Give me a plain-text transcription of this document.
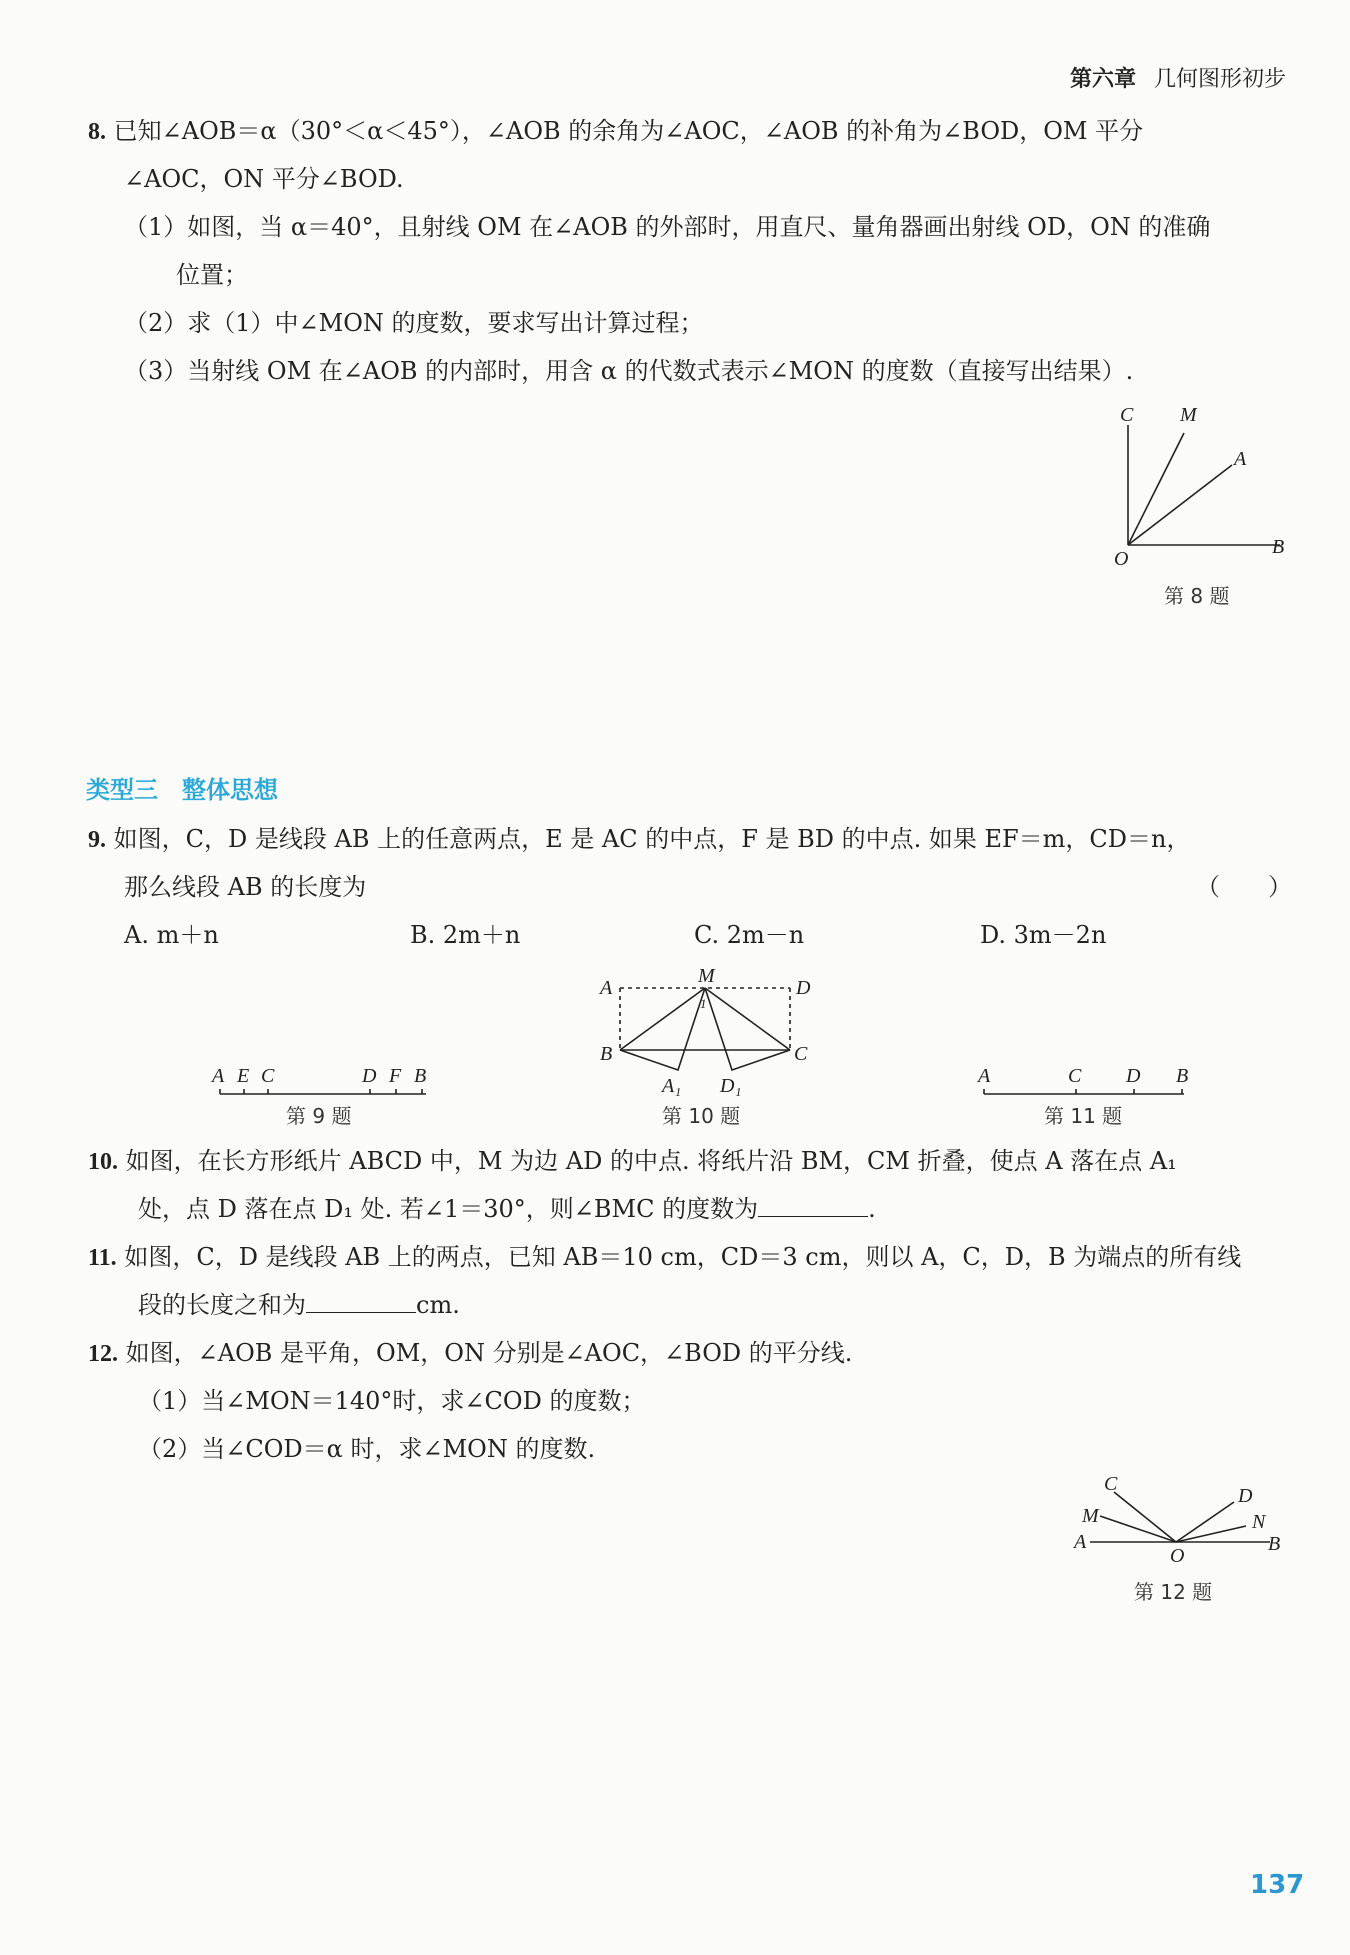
第六章 几何图形初步
8. 已知∠AOB＝α（30°＜α＜45°），∠AOB 的余角为∠AOC，∠AOB 的补角为∠BOD，OM 平分
∠AOC，ON 平分∠BOD.
（1）如图，当 α＝40°，且射线 OM 在∠AOB 的外部时，用直尺、量角器画出射线 OD，ON 的准确
位置；
（2）求（1）中∠MON 的度数，要求写出计算过程；
（3）当射线 OM 在∠AOB 的内部时，用含 α 的代数式表示∠MON 的度数（直接写出结果）.
C M
A
O
B
第 8 题
类型三　整体思想
9. 如图，C，D 是线段 AB 上的任意两点，E 是 AC 的中点，F 是 BD 的中点. 如果 EF＝m，CD＝n，
那么线段 AB 的长度为	（　　）
A. m＋n	B. 2m＋n	C. 2m－n	D. 3m－2n
A E C	D F B
第 9 题
M
A	D
B	C
A₁ D₁
1
第 10 题
A	C D B
第 11 题
10. 如图，在长方形纸片 ABCD 中，M 为边 AD 的中点. 将纸片沿 BM，CM 折叠，使点 A 落在点 A₁
处，点 D 落在点 D₁ 处. 若∠1＝30°，则∠BMC 的度数为	.
11. 如图，C，D 是线段 AB 上的两点，已知 AB＝10 cm，CD＝3 cm，则以 A，C，D，B 为端点的所有线
段的长度之和为	cm.
12. 如图，∠AOB 是平角，OM，ON 分别是∠AOC，∠BOD 的平分线.
（1）当∠MON＝140°时，求∠COD 的度数；
（2）当∠COD＝α 时，求∠MON 的度数.
C
M
A
D
N
O
B
第 12 题
137
